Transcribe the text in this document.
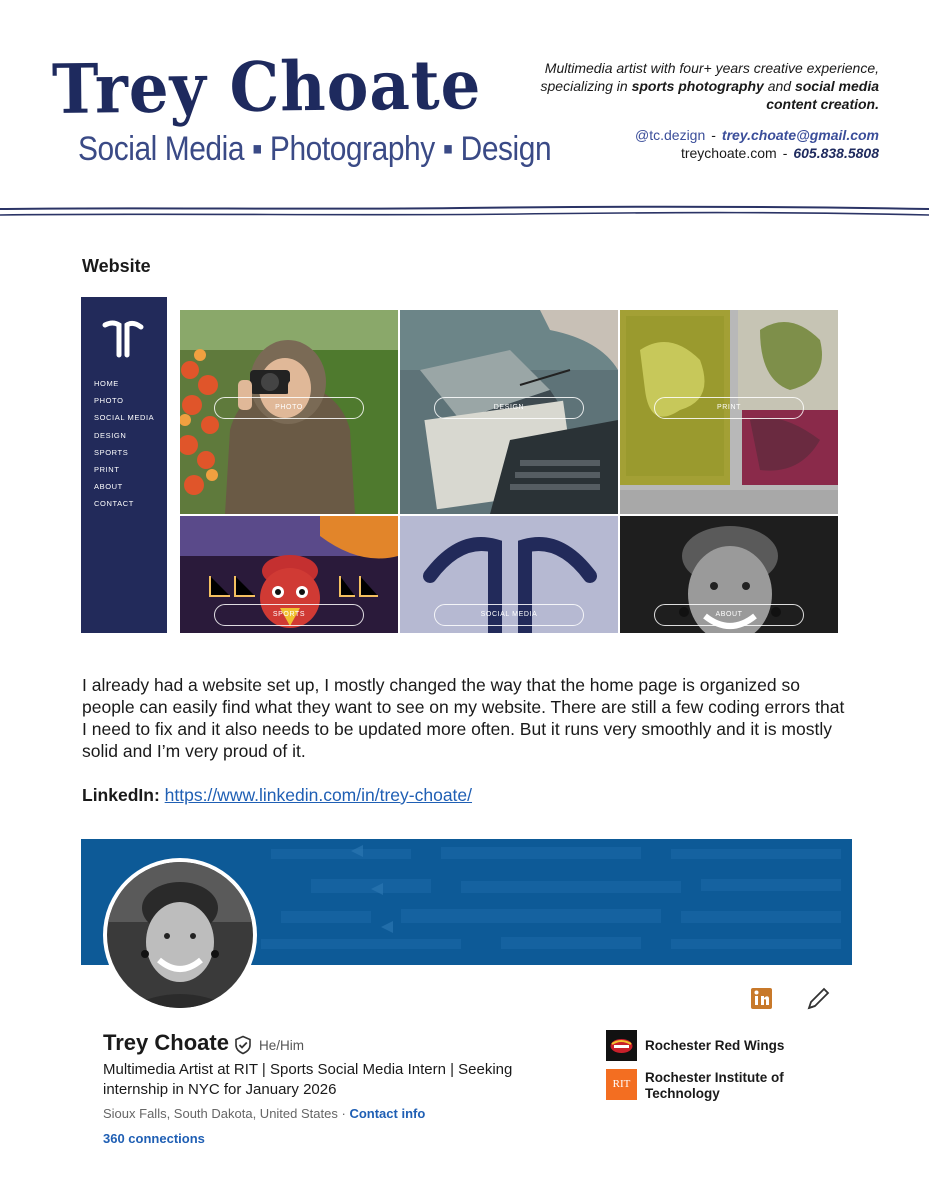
Trey Choate
Social Media ▪ Photography ▪ Design
Multimedia artist with four+ years creative experience, specializing in sports photography and social media content creation.
@tc.dezign - trey.choate@gmail.com
treychoate.com - 605.838.5808
Website
HOME
PHOTO
SOCIAL MEDIA
DESIGN
SPORTS
PRINT
ABOUT
CONTACT
PHOTO	DESIGN	PRINT
SPORTS	SOCIAL MEDIA	ABOUT

I already had a website set up, I mostly changed the way that the home page is organized so people can easily find what they want to see on my website. There are still a few coding errors that I need to fix and it also needs to be updated more often. But it runs very smoothly and it is mostly solid and I’m very proud of it.

LinkedIn: https://www.linkedin.com/in/trey-choate/
Trey Choate He/Him
Multimedia Artist at RIT | Sports Social Media Intern | Seeking internship in NYC for January 2026
Sioux Falls, South Dakota, United States · Contact info
360 connections
Rochester Red Wings
RIT	Rochester Institute of Technology
